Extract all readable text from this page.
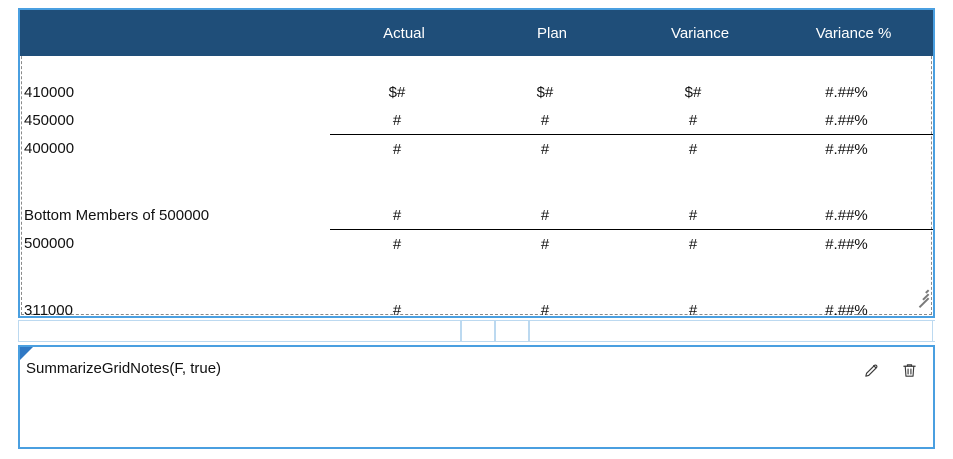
	Actual	Plan	Variance	Variance %

410000	$#	$#	$#	#.##%
450000	#	#	#	#.##%
400000	#	#	#	#.##%

Bottom Members of 500000	#	#	#	#.##%
500000	#	#	#	#.##%

311000	#	#	#	#.##%
SummarizeGridNotes(F, true)
